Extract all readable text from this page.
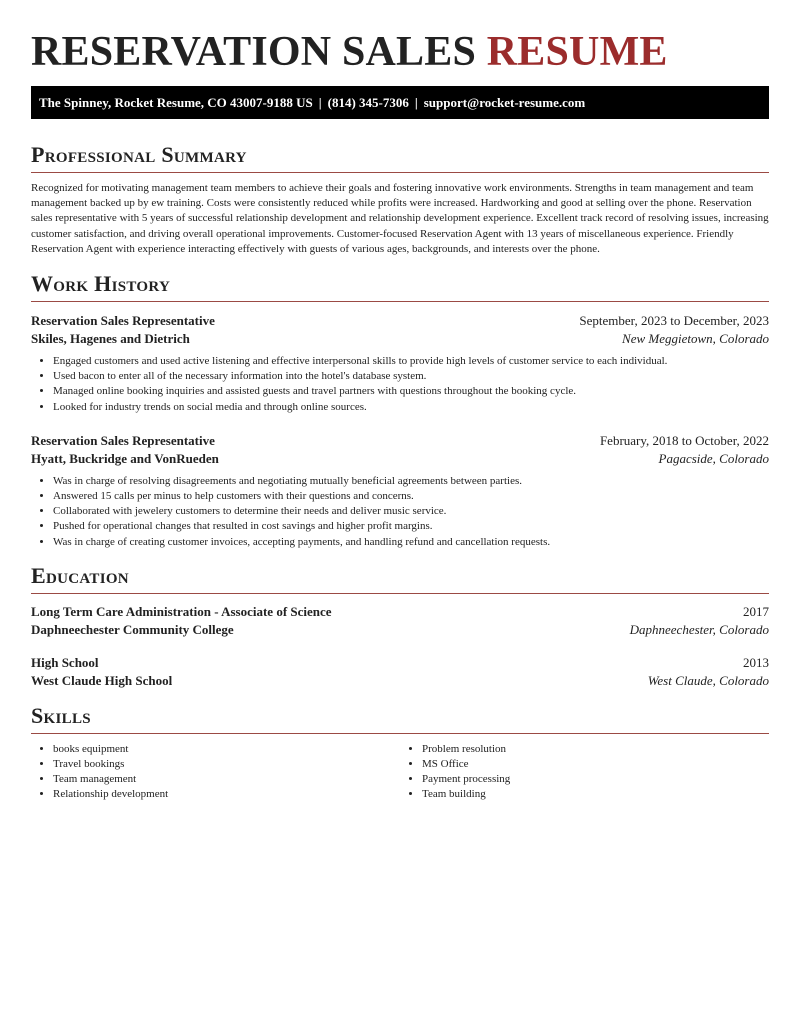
RESERVATION SALES RESUME
The Spinney, Rocket Resume, CO 43007-9188 US | (814) 345-7306 | support@rocket-resume.com
Professional Summary

Recognized for motivating management team members to achieve their goals and fostering innovative work environments. Strengths in team management and team management backed up by ew training. Costs were consistently reduced while profits were increased. Hardworking and good at selling over the phone. Reservation sales representative with 5 years of successful relationship development and relationship development experience. Excellent track record of resolving issues, increasing customer satisfaction, and driving overall operational improvements. Customer-focused Reservation Agent with 13 years of miscellaneous experience. Friendly Reservation Agent with experience interacting effectively with guests of various ages, backgrounds, and interests over the phone.

Work History
Reservation Sales Representative	September, 2023 to December, 2023
Skiles, Hagenes and Dietrich	New Meggietown, Colorado
• Engaged customers and used active listening and effective interpersonal skills to provide high levels of customer service to each individual.
• Used bacon to enter all of the necessary information into the hotel's database system.
• Managed online booking inquiries and assisted guests and travel partners with questions throughout the booking cycle.
• Looked for industry trends on social media and through online sources.
Reservation Sales Representative	February, 2018 to October, 2022
Hyatt, Buckridge and VonRueden	Pagacside, Colorado
• Was in charge of resolving disagreements and negotiating mutually beneficial agreements between parties.
• Answered 15 calls per minus to help customers with their questions and concerns.
• Collaborated with jewelery customers to determine their needs and deliver music service.
• Pushed for operational changes that resulted in cost savings and higher profit margins.
• Was in charge of creating customer invoices, accepting payments, and handling refund and cancellation requests.
Education
Long Term Care Administration - Associate of Science	2017
Daphneechester Community College	Daphneechester, Colorado
High School	2013
West Claude High School	West Claude, Colorado
Skills
• books equipment
• Travel bookings
• Team management
• Relationship development
• Problem resolution
• MS Office
• Payment processing
• Team building
